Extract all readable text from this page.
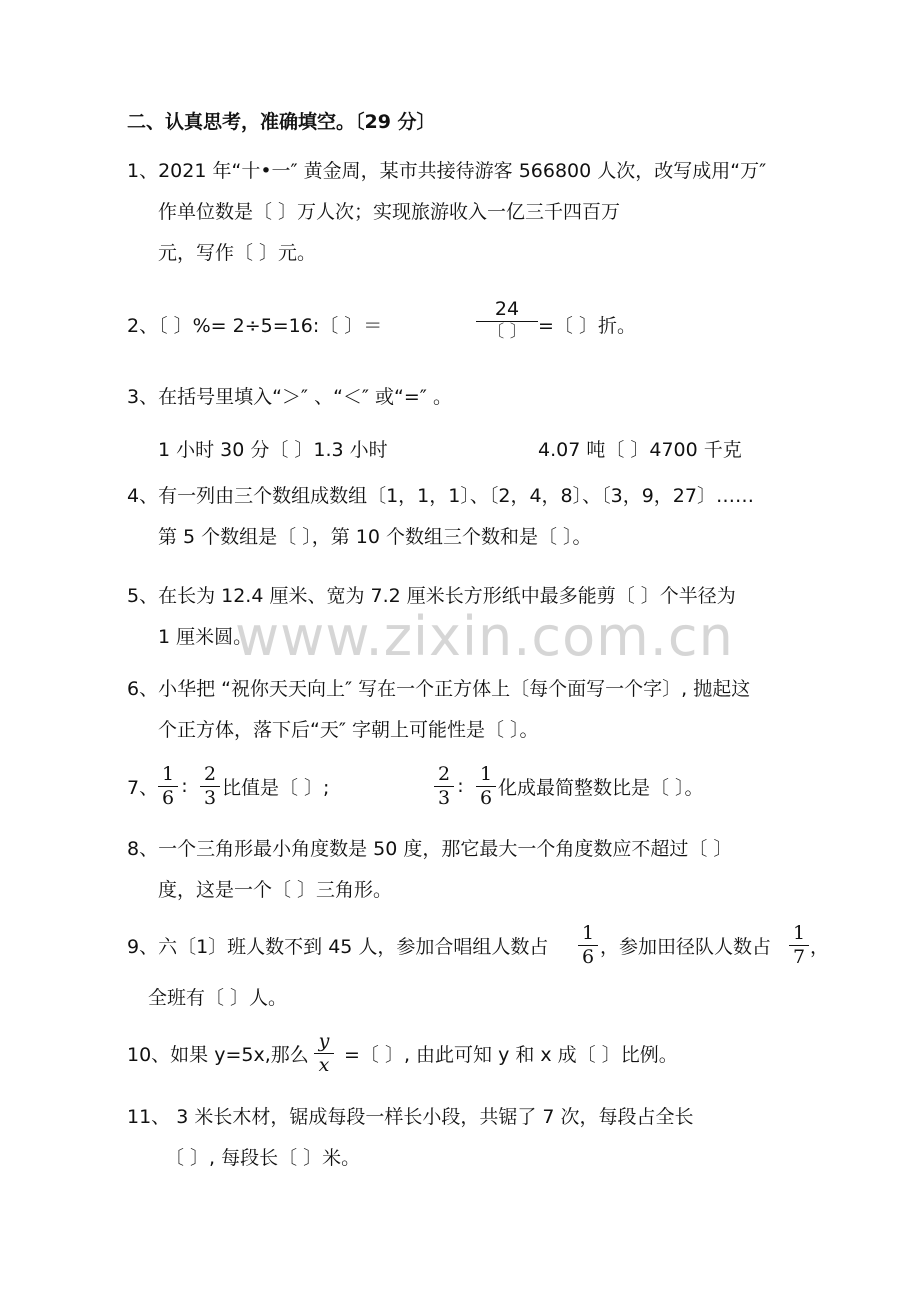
www.zixin.com.cn
二、认真思考，准确填空。〔29 分〕
1、2021 年“十•一″ 黄金周，某市共接待游客 566800 人次，改写成用“万″
作单位数是〔 〕万人次；实现旅游收入一亿三千四百万
元，写作〔 〕元。
2、〔 〕%= 2÷5=16:〔 〕＝
24
〔 〕 =〔 〕折。
3、在括号里填入“＞″ 、“＜″ 或“=″ 。
1 小时 30 分〔 〕1.3 小时	4.07 吨〔 〕4700 千克
4、有一列由三个数组成数组〔1，1，1〕、〔2，4，8〕、〔3，9，27〕……
第 5 个数组是〔 〕，第 10 个数组三个数和是〔 〕。
5、在长为 12.4 厘米、宽为 7.2 厘米长方形纸中最多能剪〔 〕个半径为
1 厘米圆。
6、小华把 “祝你天天向上″ 写在一个正方体上〔每个面写一个字〕, 抛起这
个正方体，落下后“天″ 字朝上可能性是〔 〕。
7、
1
6 ∶
2
3 比值是〔 〕;
2
3 ∶
1
6 化成最简整数比是〔 〕。
8、一个三角形最小角度数是 50 度，那它最大一个角度数应不超过〔 〕
度，这是一个〔 〕三角形。
9、六〔1〕班人数不到 45 人，参加合唱组人数占
1
6 ，参加田径队人数占
1
7 ，
全班有〔 〕人。
10、如果 y=5x,那么
y
x =〔 〕, 由此可知 y 和 x 成〔 〕比例。
11、 3 米长木材，锯成每段一样长小段，共锯了 7 次，每段占全长
〔 〕, 每段长〔 〕米。
